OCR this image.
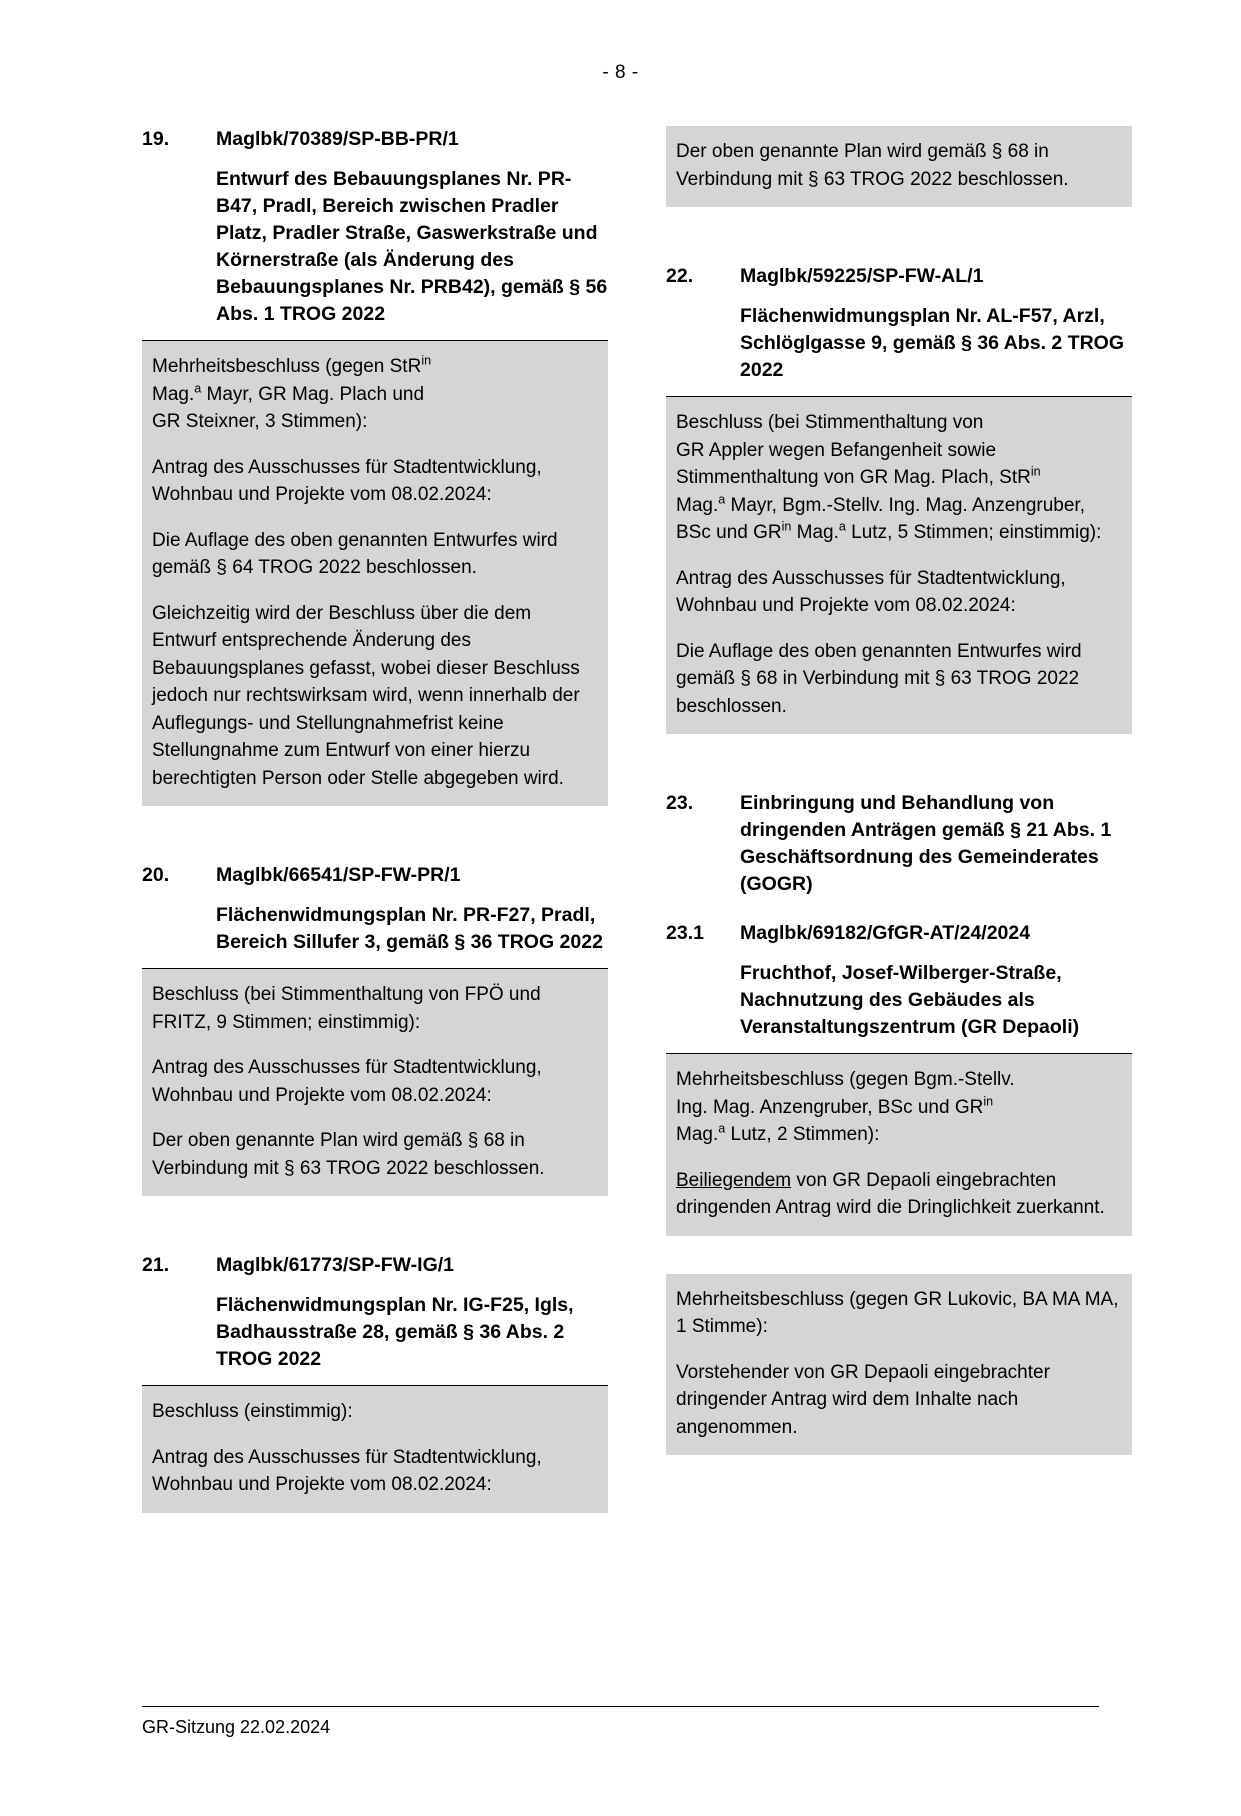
- 8 -
19.	Maglbk/70389/SP-BB-PR/1
Entwurf des Bebauungsplanes Nr. PR-B47, Pradl, Bereich zwischen Pradler Platz, Pradler Straße, Gaswerkstraße und Körnerstraße (als Änderung des Bebauungsplanes Nr. PRB42), gemäß § 56 Abs. 1 TROG 2022

Mehrheitsbeschluss (gegen StR$^{in}$
Mag.$^a$ Mayr, GR Mag. Plach und
GR Steixner, 3 Stimmen):

Antrag des Ausschusses für Stadtentwicklung, Wohnbau und Projekte vom 08.02.2024:

Die Auflage des oben genannten Entwurfes wird gemäß § 64 TROG 2022 beschlossen.

Gleichzeitig wird der Beschluss über die dem Entwurf entsprechende Änderung des Bebauungsplanes gefasst, wobei dieser Beschluss jedoch nur rechtswirksam wird, wenn innerhalb der Auflegungs- und Stellungnahmefrist keine Stellungnahme zum Entwurf von einer hierzu berechtigten Person oder Stelle abgegeben wird.

20.	Maglbk/66541/SP-FW-PR/1
Flächenwidmungsplan Nr. PR-F27, Pradl, Bereich Sillufer 3, gemäß § 36 TROG 2022

Beschluss (bei Stimmenthaltung von FPÖ und FRITZ, 9 Stimmen; einstimmig):

Antrag des Ausschusses für Stadtentwicklung, Wohnbau und Projekte vom 08.02.2024:

Der oben genannte Plan wird gemäß § 68 in Verbindung mit § 63 TROG 2022 beschlossen.

21.	Maglbk/61773/SP-FW-IG/1
Flächenwidmungsplan Nr. IG-F25, Igls, Badhausstraße 28, gemäß § 36 Abs. 2 TROG 2022

Beschluss (einstimmig):

Antrag des Ausschusses für Stadtentwicklung, Wohnbau und Projekte vom 08.02.2024:

Der oben genannte Plan wird gemäß § 68 in Verbindung mit § 63 TROG 2022 beschlossen.

22.	Maglbk/59225/SP-FW-AL/1
Flächenwidmungsplan Nr. AL-F57, Arzl, Schlöglgasse 9, gemäß § 36 Abs. 2 TROG 2022

Beschluss (bei Stimmenthaltung von
GR Appler wegen Befangenheit sowie
Stimmenthaltung von GR Mag. Plach, StR$^{in}$
Mag.$^a$ Mayr, Bgm.-Stellv. Ing. Mag. Anzengruber, BSc und $GR^{in}$ Mag.$^a$ Lutz, 5 Stimmen; einstimmig):

Antrag des Ausschusses für Stadtentwicklung, Wohnbau und Projekte vom 08.02.2024:

Die Auflage des oben genannten Entwurfes wird gemäß § 68 in Verbindung mit § 63 TROG 2022 beschlossen.

23.	Einbringung und Behandlung von dringenden Anträgen gemäß § 21 Abs. 1 Geschäftsordnung des Gemeinderates (GOGR)
23.1	Maglbk/69182/GfGR-AT/24/2024
Fruchthof, Josef-Wilberger-Straße, Nachnutzung des Gebäudes als Veranstaltungszentrum (GR Depaoli)

Mehrheitsbeschluss (gegen Bgm.-Stellv.
Ing. Mag. Anzengruber, BSc und $GR^{in}$
Mag.$^a$ Lutz, 2 Stimmen):

Beiliegendem von GR Depaoli eingebrachten dringenden Antrag wird die Dringlichkeit zuerkannt.

Mehrheitsbeschluss (gegen GR Lukovic, BA MA MA, 1 Stimme):

Vorstehender von GR Depaoli eingebrachter dringender Antrag wird dem Inhalte nach angenommen.

GR-Sitzung 22.02.2024
